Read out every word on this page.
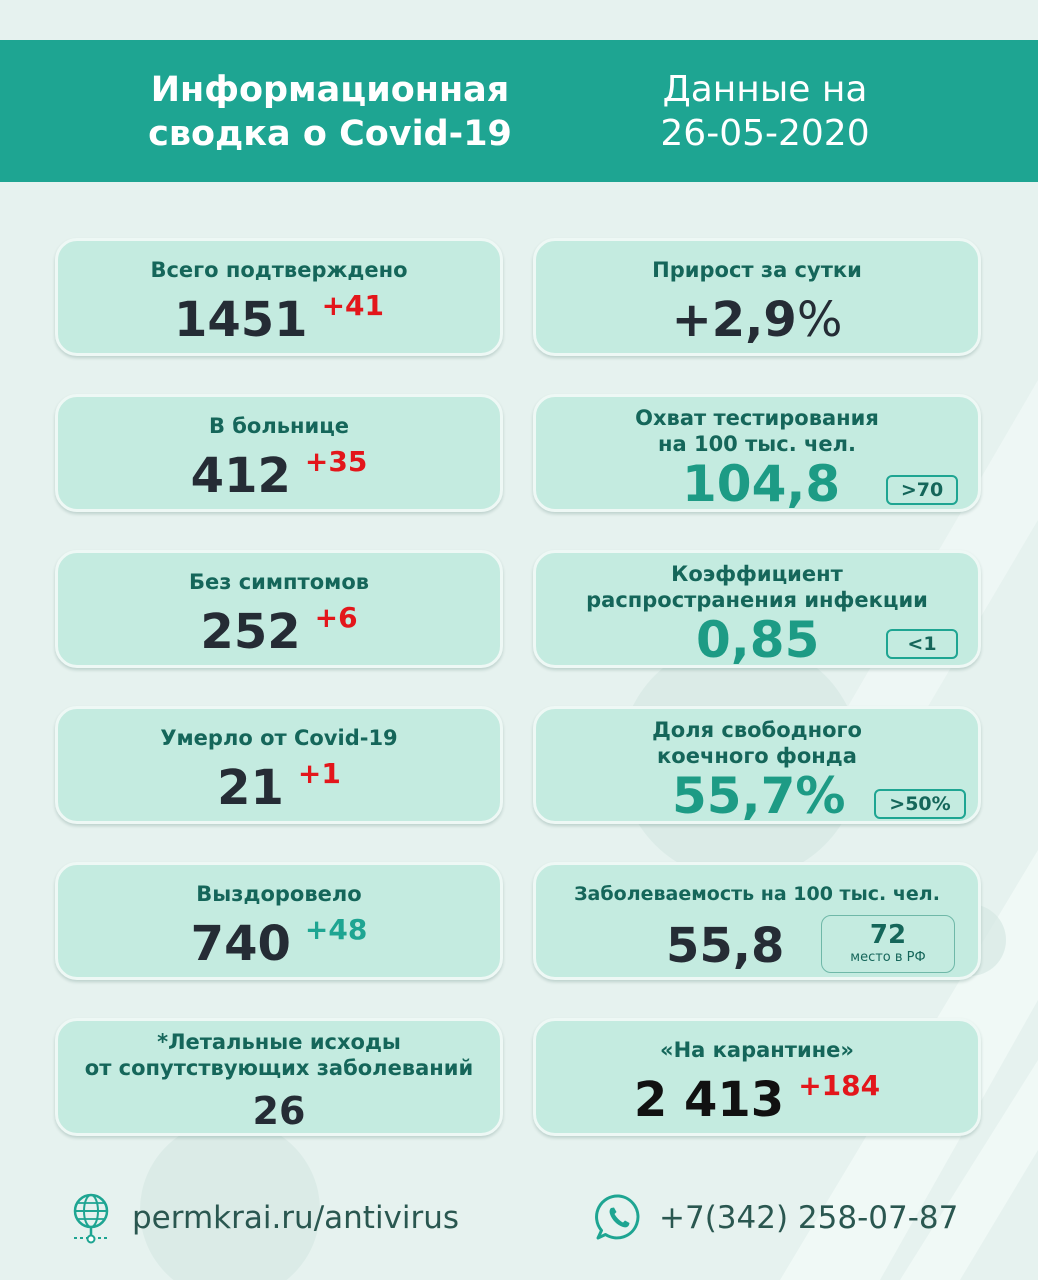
Информационная
сводка о Covid-19
Данные на
26-05-2020
Всего подтверждено
1451 +41
В больнице
412 +35
Без симптомов
252 +6
Умерло от Covid-19
21 +1
Выздоровело
740 +48
*Летальные исходы
от сопутствующих заболеваний
26
Прирост за сутки
+2,9%
Охват тестирования
на 100 тыс. чел.
104,8	>70
Коэффициент
распространения инфекции
0,85	<1
Доля свободного
коечного фонда
55,7%	>50%
Заболеваемость на 100 тыс. чел.
55,8	72
место в РФ
«На карантине»
2 413 +184
permkrai.ru/antivirus	+7(342) 258-07-87
